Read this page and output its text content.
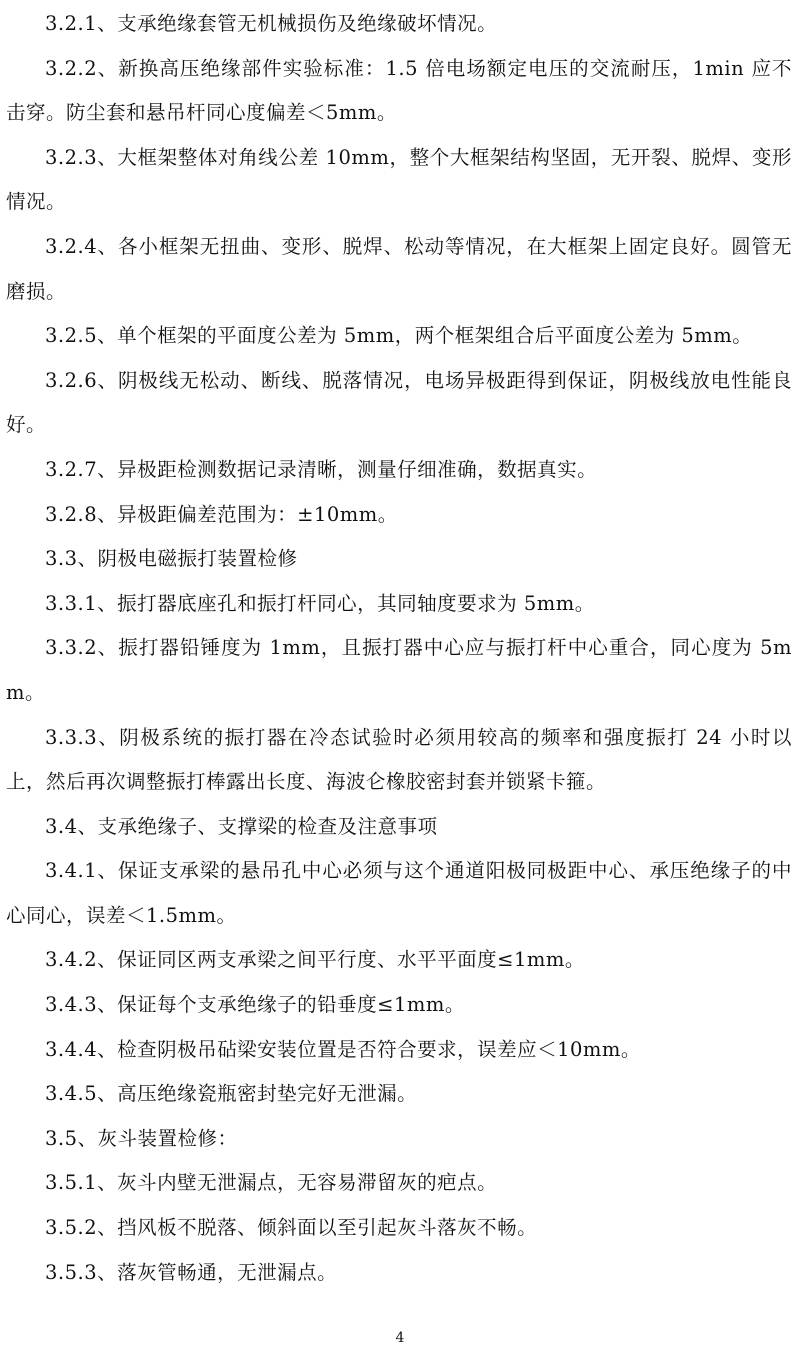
3.2.1、支承绝缘套管无机械损伤及绝缘破坏情况。

3.2.2、新换高压绝缘部件实验标准：1.5 倍电场额定电压的交流耐压，1min 应不击穿。防尘套和悬吊杆同心度偏差＜5mm。

3.2.3、大框架整体对角线公差 10mm，整个大框架结构坚固，无开裂、脱焊、变形情况。

3.2.4、各小框架无扭曲、变形、脱焊、松动等情况，在大框架上固定良好。圆管无磨损。

3.2.5、单个框架的平面度公差为 5mm，两个框架组合后平面度公差为 5mm。

3.2.6、阴极线无松动、断线、脱落情况，电场异极距得到保证，阴极线放电性能良好。

3.2.7、异极距检测数据记录清晰，测量仔细准确，数据真实。

3.2.8、异极距偏差范围为：±10mm。

3.3、阴极电磁振打装置检修

3.3.1、振打器底座孔和振打杆同心，其同轴度要求为 5mm。

3.3.2、振打器铅锤度为 1mm，且振打器中心应与振打杆中心重合，同心度为 5mm。

3.3.3、阴极系统的振打器在冷态试验时必须用较高的频率和强度振打 24 小时以上，然后再次调整振打棒露出长度、海波仑橡胶密封套并锁紧卡箍。

3.4、支承绝缘子、支撑梁的检查及注意事项

3.4.1、保证支承梁的悬吊孔中心必须与这个通道阳极同极距中心、承压绝缘子的中心同心，误差＜1.5mm。

3.4.2、保证同区两支承梁之间平行度、水平平面度≤1mm。

3.4.3、保证每个支承绝缘子的铅垂度≤1mm。

3.4.4、检查阴极吊砧梁安装位置是否符合要求，误差应＜10mm。

3.4.5、高压绝缘瓷瓶密封垫完好无泄漏。

3.5、灰斗装置检修：

3.5.1、灰斗内壁无泄漏点，无容易滞留灰的疤点。

3.5.2、挡风板不脱落、倾斜面以至引起灰斗落灰不畅。

3.5.3、落灰管畅通，无泄漏点。

4
